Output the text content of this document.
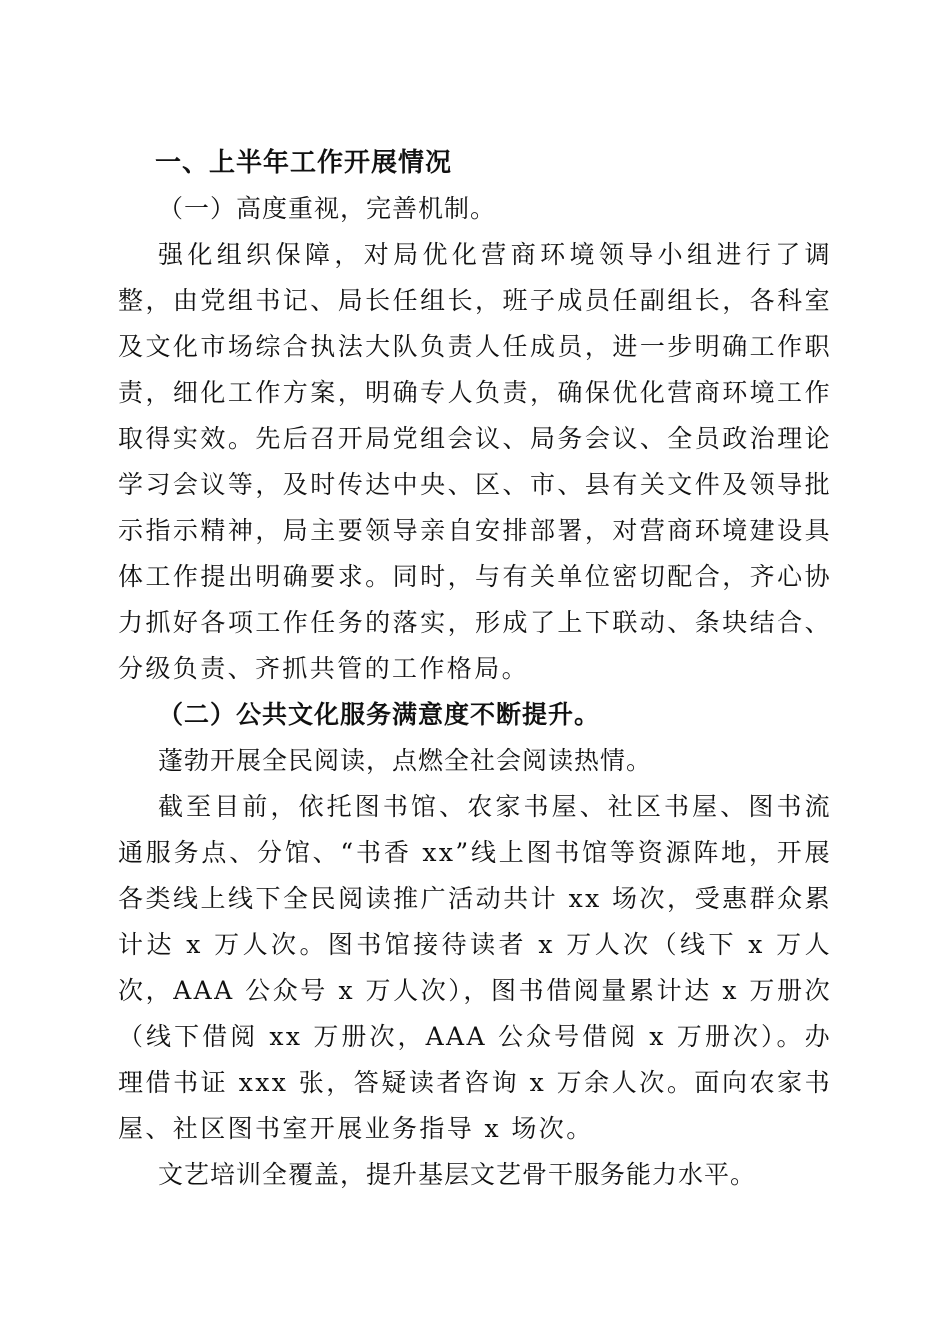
一、上半年工作开展情况
（一）高度重视，完善机制。
强化组织保障，对局优化营商环境领导小组进行了调整，由党组书记、局长任组长，班子成员任副组长，各科室及文化市场综合执法大队负责人任成员，进一步明确工作职责，细化工作方案，明确专人负责，确保优化营商环境工作取得实效。先后召开局党组会议、局务会议、全员政治理论学习会议等，及时传达中央、区、市、县有关文件及领导批示指示精神，局主要领导亲自安排部署，对营商环境建设具体工作提出明确要求。同时，与有关单位密切配合，齐心协力抓好各项工作任务的落实，形成了上下联动、条块结合、分级负责、齐抓共管的工作格局。
（二）公共文化服务满意度不断提升。
蓬勃开展全民阅读，点燃全社会阅读热情。
截至目前，依托图书馆、农家书屋、社区书屋、图书流通服务点、分馆、“书香 xx”线上图书馆等资源阵地，开展各类线上线下全民阅读推广活动共计 xx 场次，受惠群众累计达 x 万人次。图书馆接待读者 x 万人次（线下 x 万人次，AAA 公众号 x 万人次），图书借阅量累计达 x 万册次（线下借阅 xx 万册次，AAA 公众号借阅 x 万册次）。办理借书证 xxx 张，答疑读者咨询 x 万余人次。面向农家书屋、社区图书室开展业务指导 x 场次。
文艺培训全覆盖，提升基层文艺骨干服务能力水平。
